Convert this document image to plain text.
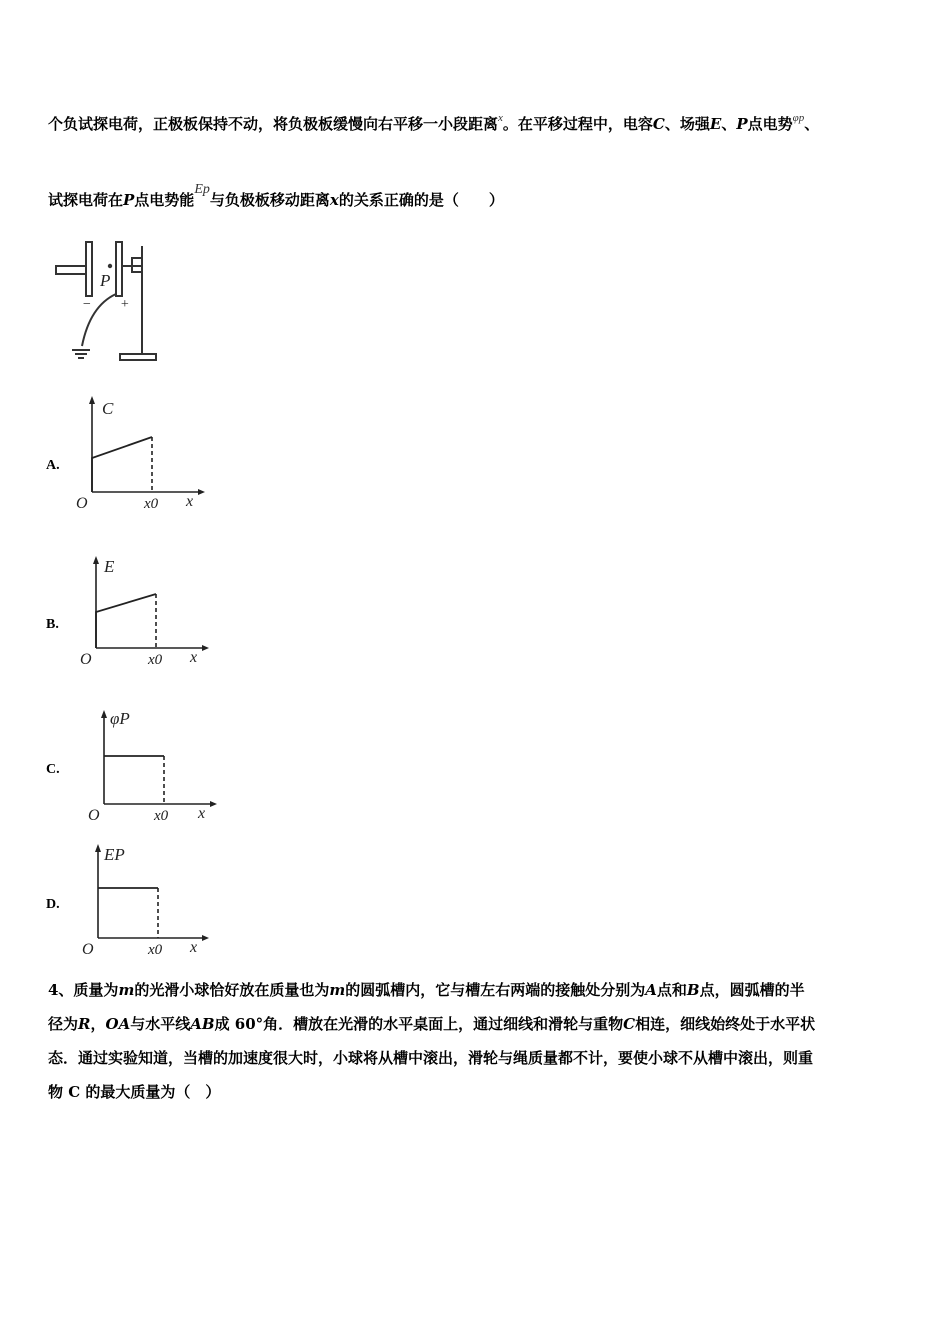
个负试探电荷，正极板保持不动，将负极板缓慢向右平移一小段距离$^x$。在平移过程中，电容C、场强E、P点电势$^{\varphi p}$、
试探电荷在P点电势能Ep与负极板移动距离x的关系正确的是（　　）
P
− +
A.
C
O	x0 x
B.
E
O	x0 x
C.
φP
O	x0 x
D.
EP
O	x0 x
4、质量为m的光滑小球恰好放在质量也为m的圆弧槽内，它与槽左右两端的接触处分别为A点和B点，圆弧槽的半
径为R，OA与水平线AB成 60°角．槽放在光滑的水平桌面上，通过细线和滑轮与重物C相连，细线始终处于水平状
态．通过实验知道，当槽的加速度很大时，小球将从槽中滚出，滑轮与绳质量都不计，要使小球不从槽中滚出，则重
物 C 的最大质量为（　）
